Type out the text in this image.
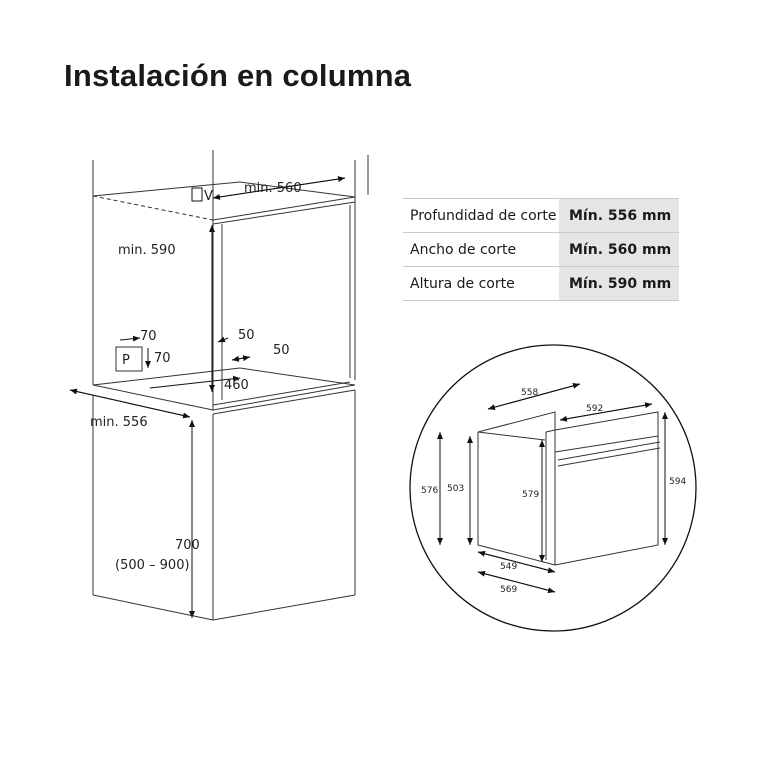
Instalación en columna
V
min. 560
min. 590
min. 556
70
70
P
50
50
460
700
(500 – 900)
558
592
576 503
579
594
549
569
Profundidad de corte	Mín. 556 mm
Ancho de corte	Mín. 560 mm
Altura de corte	Mín. 590 mm
